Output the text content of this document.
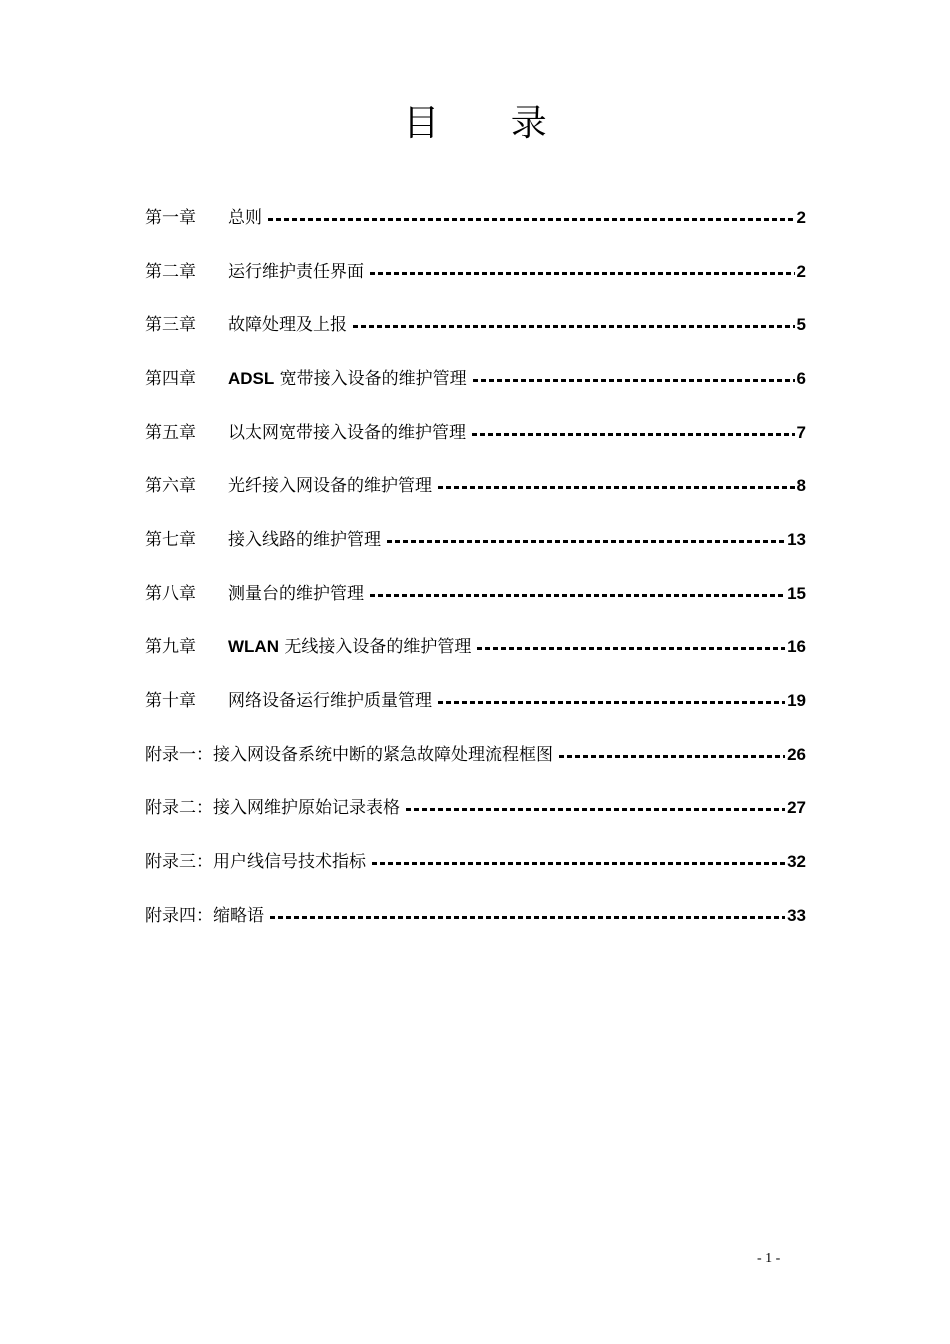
目 录
第一章	总则	2
第二章	运行维护责任界面	2
第三章	故障处理及上报	5
第四章	ADSL 宽带接入设备的维护管理	6
第五章	以太网宽带接入设备的维护管理	7
第六章	光纤接入网设备的维护管理	8
第七章	接入线路的维护管理	13
第八章	测量台的维护管理	15
第九章	WLAN 无线接入设备的维护管理	16
第十章	网络设备运行维护质量管理	19
附录一： 接入网设备系统中断的紧急故障处理流程框图	26
附录二： 接入网维护原始记录表格	27
附录三： 用户线信号技术指标	32
附录四： 缩略语	33
- 1 -
